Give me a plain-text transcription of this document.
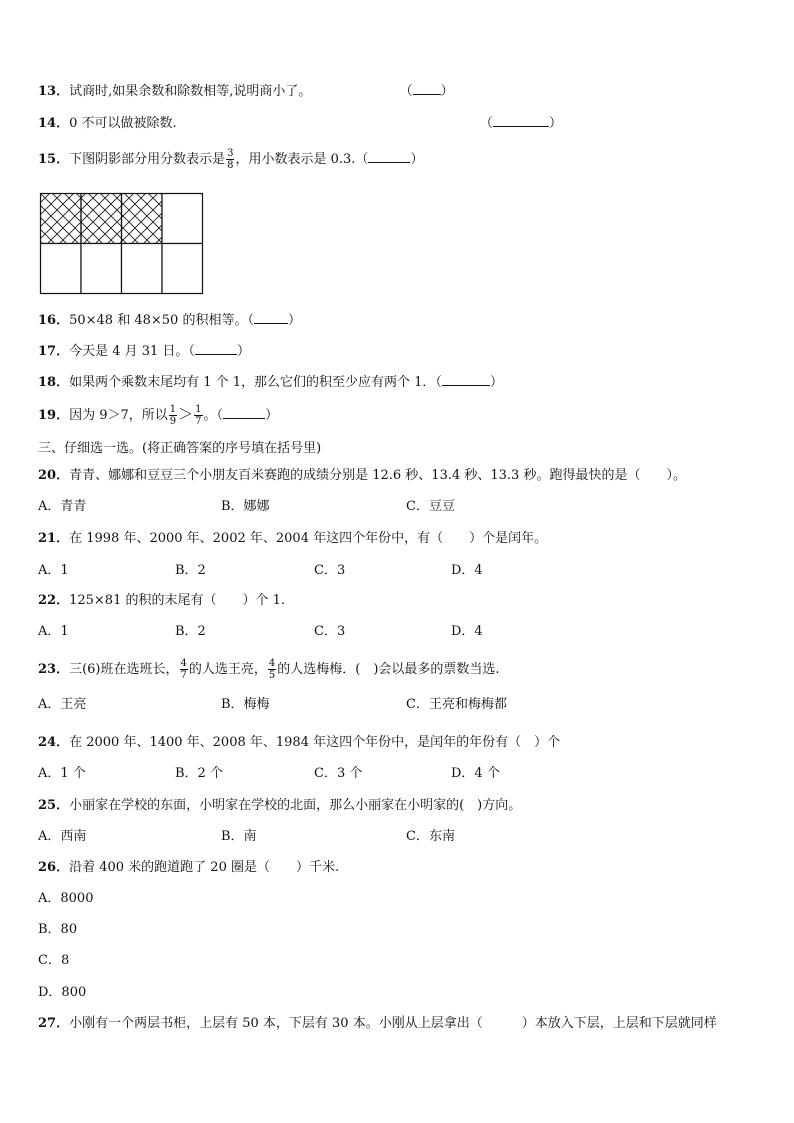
13．试商时,如果余数和除数相等,说明商小了。	（ ）
14．0 不可以做被除数.	（	）
15．下图阴影部分用分数表示是 $\frac{3}{8}$ ，用小数表示是 0.3.（	）
16．50×48 和 48×50 的积相等。（	）
17．今天是 4 月 31 日。（	）
18．如果两个乘数末尾均有 1 个 1，那么它们的积至少应有两个 1．（	）
19．因为 9＞7，所以 $\frac{1}{9} > \frac{1}{7}$ 。（	）
三、仔细选一选。(将正确答案的序号填在括号里)
20．青青、娜娜和豆豆三个小朋友百米赛跑的成绩分别是 12.6 秒、13.4 秒、13.3 秒。跑得最快的是（　　）。
A．青青	B．娜娜	C．豆豆
21．在 1998 年、2000 年、2002 年、2004 年这四个年份中，有（　　）个是闰年。
A．1	B．2	C．3	D．4
22．125×81 的积的末尾有（　　）个 1.
A．1	B．2	C．3	D．4
23．三(6)班在选班长， $\frac{4}{7}$ 的人选王亮， $\frac{4}{5}$ 的人选梅梅．(　)会以最多的票数当选.
A．王亮	B．梅梅	C．王亮和梅梅都
24．在 2000 年、1400 年、2008 年、1984 年这四个年份中，是闰年的年份有（　）个
A．1 个	B．2 个	C．3 个	D．4 个
25．小丽家在学校的东面，小明家在学校的北面，那么小丽家在小明家的(　)方向。
A．西南	B．南	C．东南
26．沿着 400 米的跑道跑了 20 圈是（　　）千米.
A．8000
B．80
C．8
D．800
27．小刚有一个两层书柜，上层有 50 本，下层有 30 本。小刚从上层拿出（　　　）本放入下层，上层和下层就同样
